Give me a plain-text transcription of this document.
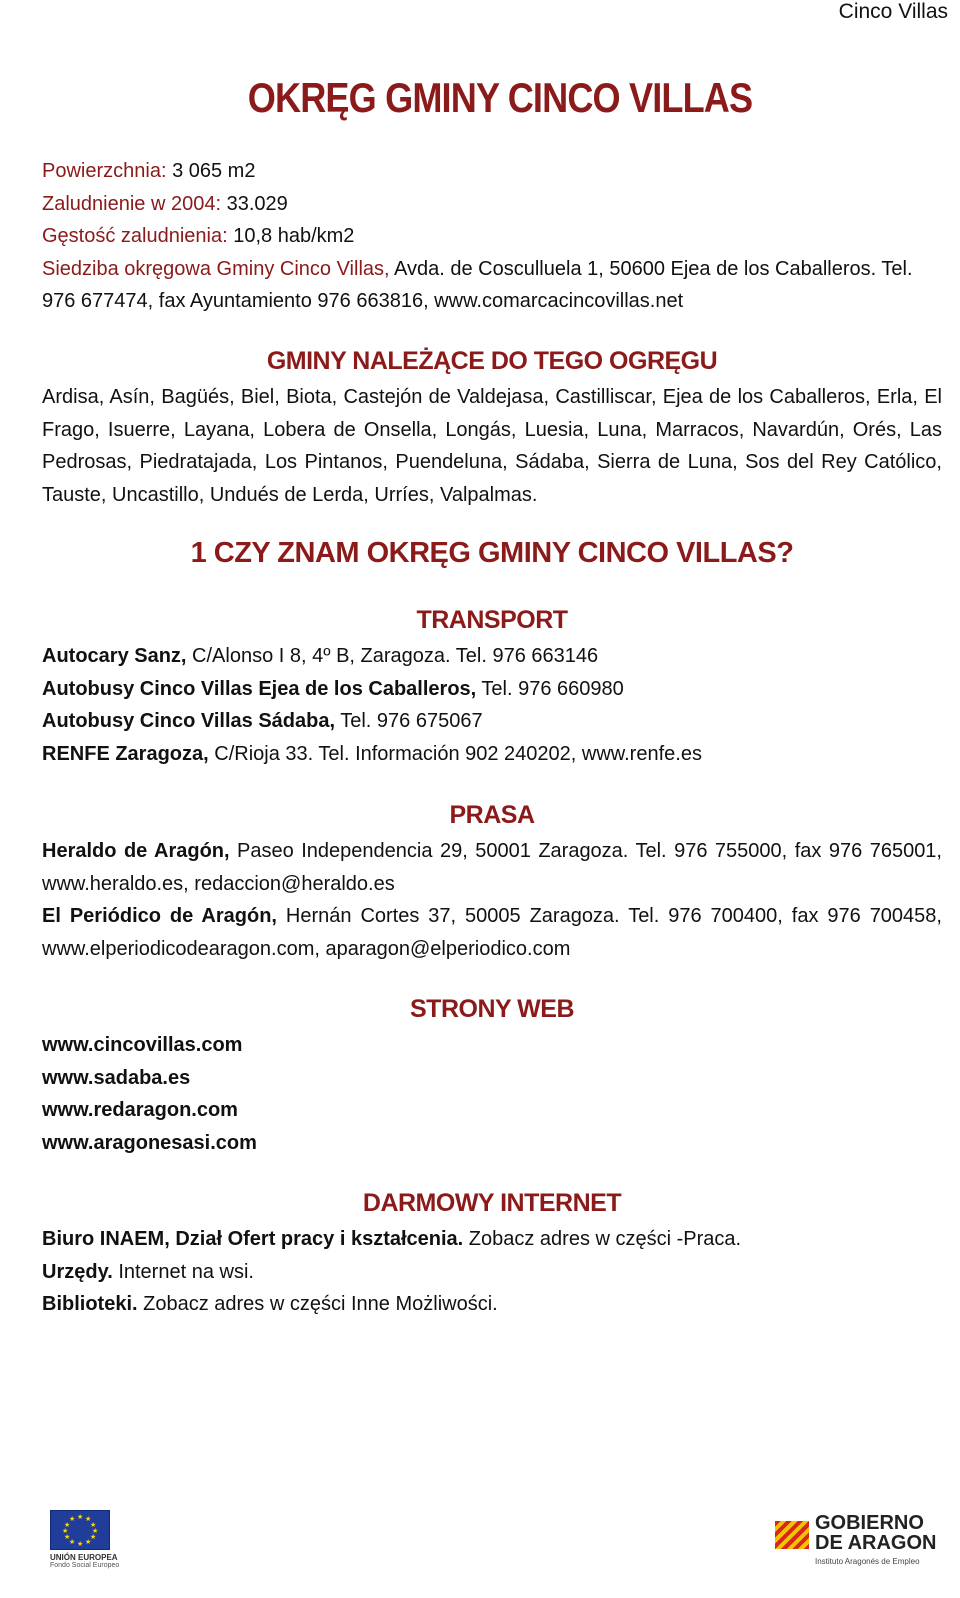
Cinco Villas
OKRĘG GMINY CINCO VILLAS
Powierzchnia: 3 065 m2
Zaludnienie w 2004: 33.029
Gęstość zaludnienia: 10,8 hab/km2
Siedziba okręgowa Gminy Cinco Villas, Avda. de Cosculluela 1, 50600 Ejea de los Caballeros. Tel.
976 677474, fax Ayuntamiento 976 663816, www.comarcacincovillas.net
GMINY NALEŻĄCE DO TEGO OGRĘGU
Ardisa, Asín, Bagüés, Biel, Biota, Castejón de Valdejasa, Castilliscar, Ejea de los Caballeros, Erla, El Frago, Isuerre, Layana, Lobera de Onsella, Longás, Luesia, Luna, Marracos, Navardún, Orés, Las Pedrosas, Piedratajada, Los Pintanos, Puendeluna, Sádaba, Sierra de Luna, Sos del Rey Católico, Tauste, Uncastillo, Undués de Lerda, Urríes, Valpalmas.
1 CZY ZNAM OKRĘG GMINY CINCO VILLAS?
TRANSPORT
Autocary Sanz, C/Alonso I 8, 4º B, Zaragoza. Tel. 976 663146
Autobusy Cinco Villas Ejea de los Caballeros, Tel. 976 660980
Autobusy Cinco Villas Sádaba, Tel. 976 675067
RENFE Zaragoza, C/Rioja 33. Tel. Información 902 240202, www.renfe.es
PRASA
Heraldo de Aragón, Paseo Independencia 29, 50001 Zaragoza. Tel. 976 755000, fax 976 765001, www.heraldo.es, redaccion@heraldo.es
El Periódico de Aragón, Hernán Cortes 37, 50005 Zaragoza. Tel. 976 700400, fax 976 700458, www.elperiodicodearagon.com, aparagon@elperiodico.com
STRONY WEB
www.cincovillas.com
www.sadaba.es
www.redaragon.com
www.aragonesasi.com
DARMOWY INTERNET
Biuro INAEM, Dział Ofert pracy i kształcenia. Zobacz adres w części -Praca.
Urzędy. Internet na wsi.
Biblioteki. Zobacz adres w części Inne Możliwości.
★ ★
★
★
★
★
★
★
★
★
★
★
UNIÓN EUROPEA
Fondo Social Europeo
GOBIERNO
DE ARAGON
Instituto Aragonés de Empleo
